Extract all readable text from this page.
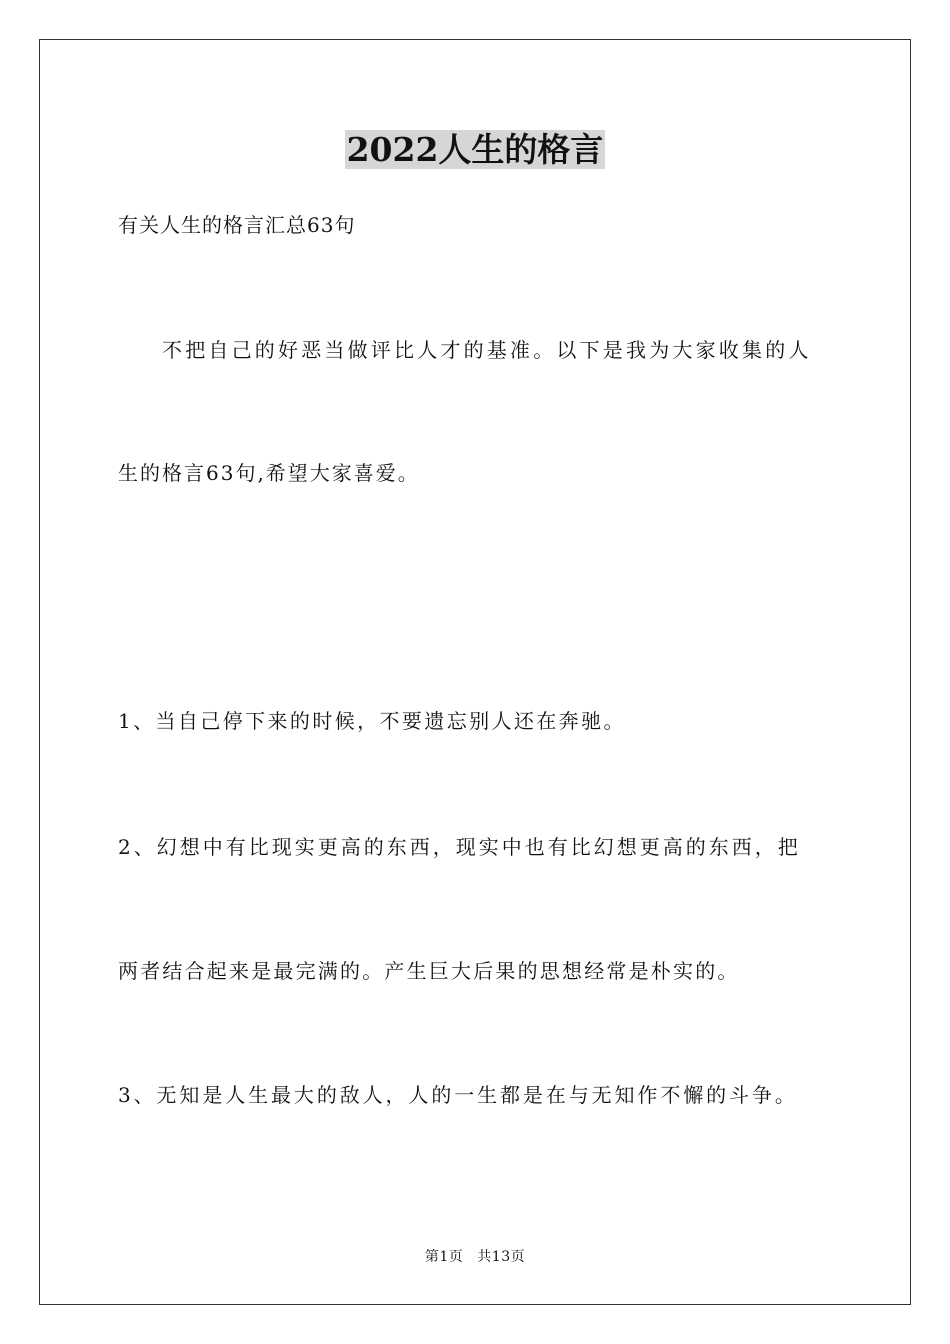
2022人生的格言
有关人生的格言汇总63句
不把自己的好恶当做评比人才的基准。以下是我为大家收集的人
生的格言63句,希望大家喜爱。
1、当自己停下来的时候，不要遗忘别人还在奔驰。
2、幻想中有比现实更高的东西，现实中也有比幻想更高的东西，把
两者结合起来是最完满的。产生巨大后果的思想经常是朴实的。
3、无知是人生最大的敌人，人的一生都是在与无知作不懈的斗争。
第1页 共13页
